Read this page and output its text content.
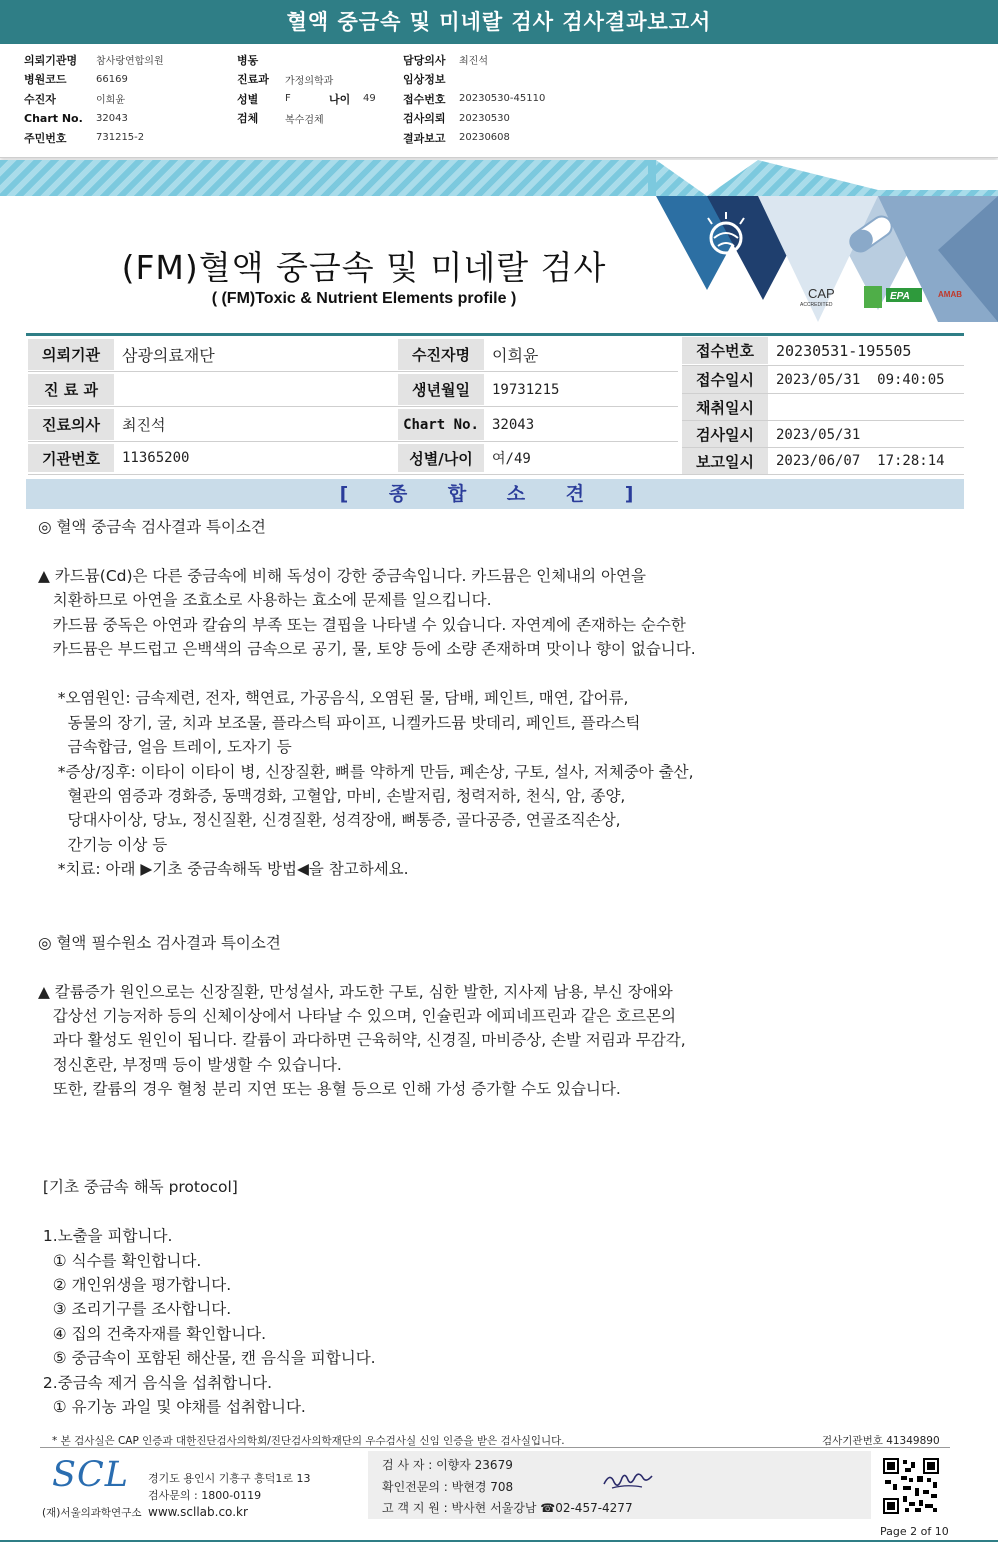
혈액 중금속 및 미네랄 검사 검사결과보고서
의뢰기관명	참사랑연합의원
병원코드	66169
수진자	이희윤
Chart No.	32043
주민번호	731215-2
병동
진료과	가정의학과
성별	F	나이	49
검체	복수검체
담당의사	최진석
임상정보
접수번호	20230530-45110
검사의뢰	20230530
결과보고	20230608
CAP
ACCREDITED
EPA	AMAB
(FM)혈액 중금속 및 미네랄 검사
( (FM)Toxic & Nutrient Elements profile )
의뢰기관	삼광의료재단
진 료 과
진료의사	최진석
기관번호	11365200
수진자명	이희윤
생년월일	19731215
Chart No. 32043
성별/나이	여/49
접수번호	20230531-195505
접수일시	2023/05/31  09:40:05
채취일시
검사일시	2023/05/31
보고일시	2023/06/07  17:28:14
[ 종 합 소 견 ]
◎ 혈액 중금속 검사결과 특이소견
▲ 카드뮴(Cd)은 다른 중금속에 비해 독성이 강한 중금속입니다. 카드뮴은 인체내의 아연을
치환하므로 아연을 조효소로 사용하는 효소에 문제를 일으킵니다.
카드뮴 중독은 아연과 칼슘의 부족 또는 결핍을 나타낼 수 있습니다. 자연계에 존재하는 순수한
카드뮴은 부드럽고 은백색의 금속으로 공기, 물, 토양 등에 소량 존재하며 맛이나 향이 없습니다.
*오염원인: 금속제련, 전자, 핵연료, 가공음식, 오염된 물, 담배, 페인트, 매연, 갑어류,
동물의 장기, 굴, 치과 보조물, 플라스틱 파이프, 니켈카드뮴 밧데리, 페인트, 플라스틱
금속합금, 얼음 트레이, 도자기 등
*증상/징후: 이타이 이타이 병, 신장질환, 뼈를 약하게 만듬, 폐손상, 구토, 설사, 저체중아 출산,
혈관의 염증과 경화증, 동맥경화, 고혈압, 마비, 손발저림, 청력저하, 천식, 암, 종양,
당대사이상, 당뇨, 정신질환, 신경질환, 성격장애, 뼈통증, 골다공증, 연골조직손상,
간기능 이상 등
*치료: 아래 ▶기초 중금속해독 방법◀을 참고하세요.
◎ 혈액 필수원소 검사결과 특이소견
▲ 칼륨증가 원인으로는 신장질환, 만성설사, 과도한 구토, 심한 발한, 지사제 남용, 부신 장애와
갑상선 기능저하 등의 신체이상에서 나타날 수 있으며, 인슐린과 에피네프린과 같은 호르몬의
과다 활성도 원인이 됩니다. 칼륨이 과다하면 근육허약, 신경질, 마비증상, 손발 저림과 무감각,
정신혼란, 부정맥 등이 발생할 수 있습니다.
또한, 칼륨의 경우 혈청 분리 지연 또는 용혈 등으로 인해 가성 증가할 수도 있습니다.
[기초 중금속 해독 protocol]
1.노출을 피합니다.
① 식수를 확인합니다.
② 개인위생을 평가합니다.
③ 조리기구를 조사합니다.
④ 집의 건축자재를 확인합니다.
⑤ 중금속이 포함된 해산물, 캔 음식을 피합니다.
2.중금속 제거 음식을 섭취합니다.
① 유기농 과일 및 야채를 섭취합니다.
* 본 검사실은 CAP 인증과 대한진단검사의학회/진단검사의학재단의 우수검사실 신임 인증을 받은 검사실입니다.	검사기관번호 41349890
SCL
(재)서울의과학연구소
경기도 용인시 기흥구 흥덕1로 13
검사문의 : 1800-0119
www.scllab.co.kr
검 사 자 : 이향자 23679
확인전문의 : 박현경 708
고 객 지 원 : 박사현 서울강남 ☎02-457-4277
Page 2 of 10
